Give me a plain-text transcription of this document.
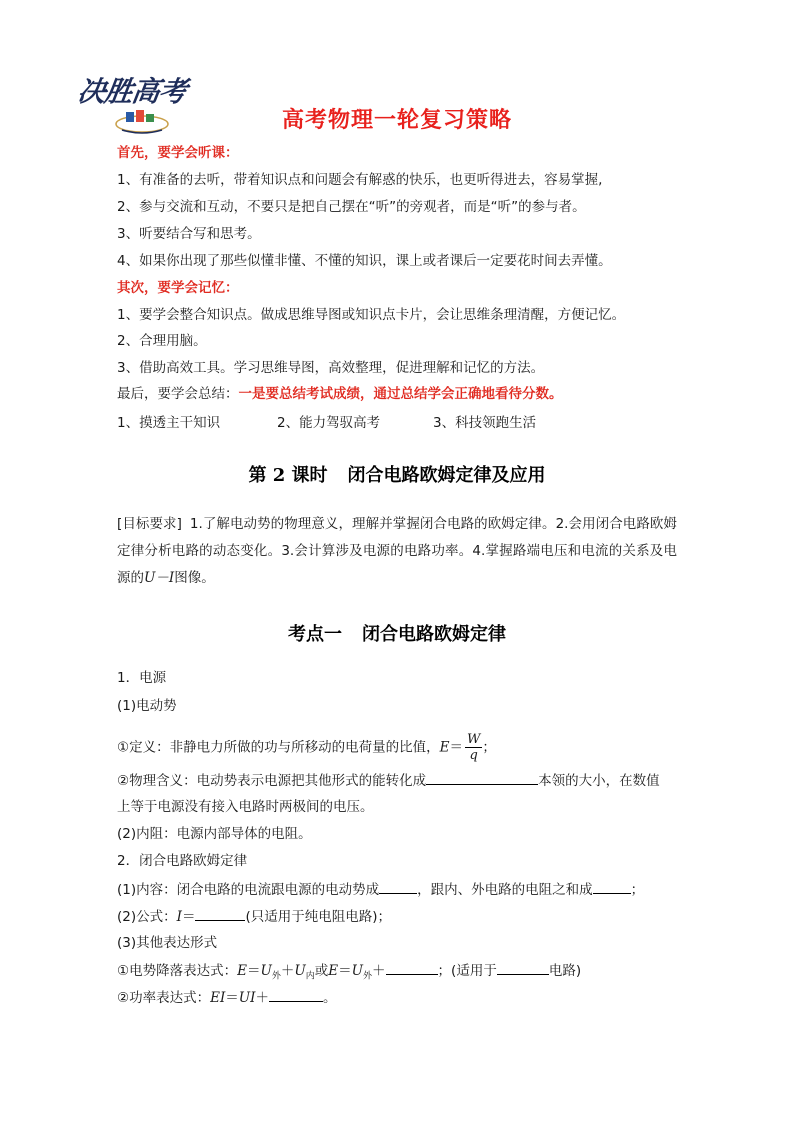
决胜高考
高考物理一轮复习策略
首先，要学会听课：
1、有准备的去听，带着知识点和问题会有解惑的快乐，也更听得进去，容易掌握,
2、参与交流和互动，不要只是把自己摆在“听”的旁观者，而是“听”的参与者。
3、听要结合写和思考。
4、如果你出现了那些似懂非懂、不懂的知识，课上或者课后一定要花时间去弄懂。
其次，要学会记忆：
1、要学会整合知识点。做成思维导图或知识点卡片，会让思维条理清醒，方便记忆。
2、合理用脑。
3、借助高效工具。学习思维导图，高效整理，促进理解和记忆的方法。
最后，要学会总结：一是要总结考试成绩，通过总结学会正确地看待分数。
1、摸透主干知识	2、能力驾驭高考	3、科技领跑生活
第 2 课时 闭合电路欧姆定律及应用
[目标要求] 1.了解电动势的物理意义，理解并掌握闭合电路的欧姆定律。2.会用闭合电路欧姆定律分析电路的动态变化。3.会计算涉及电源的电路功率。4.掌握路端电压和电流的关系及电源的U－I图像。
考点一 闭合电路欧姆定律
1．电源
(1)电动势
①定义：非静电力所做的功与所移动的电荷量的比值，$E= \frac{W}{q}$ ；
②物理含义：电动势表示电源把其他形式的能转化成	本领的大小，在数值
上等于电源没有接入电路时两极间的电压。
(2)内阻：电源内部导体的电阻。
2．闭合电路欧姆定律
(1)内容：闭合电路的电流跟电源的电动势成	，跟内、外电路的电阻之和成	；
(2)公式：I＝	(只适用于纯电阻电路)；
(3)其他表达形式
①电势降落表达式：$E=U_外+U_内$或$E=U_外+$	；(适用于	电路)
②功率表达式：EI＝UI＋	。
